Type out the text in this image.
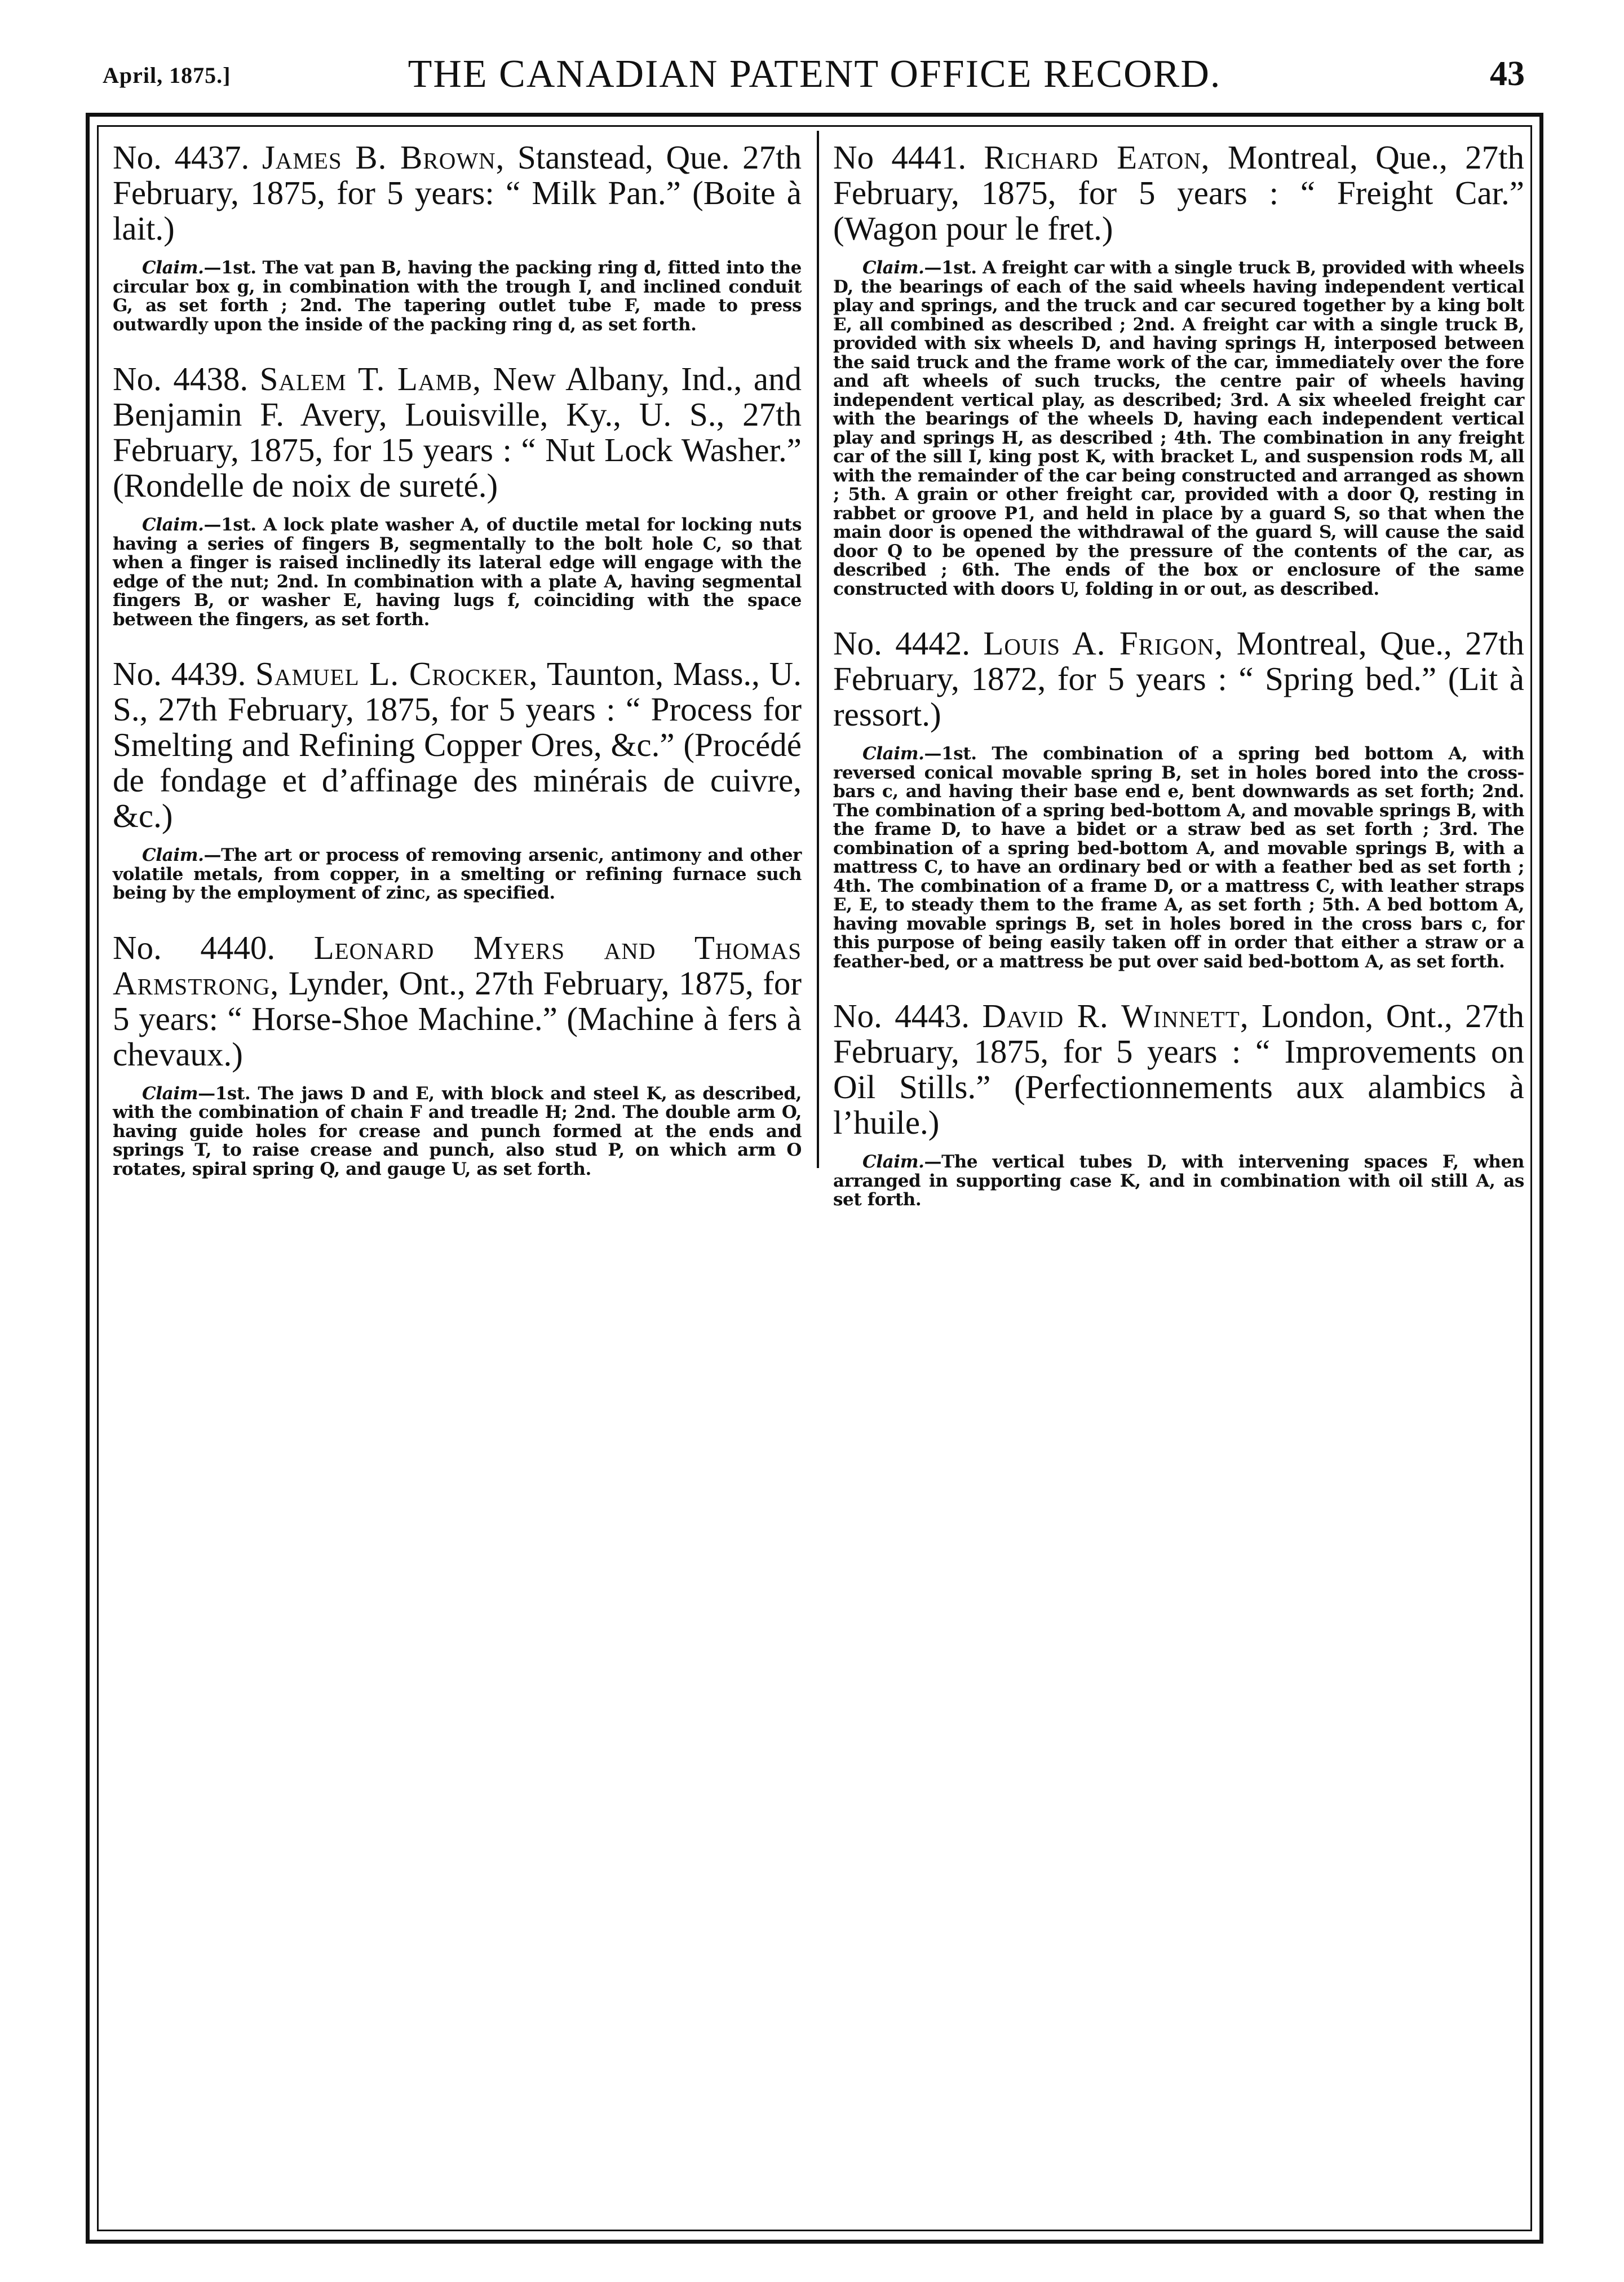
April, 1875.]	THE CANADIAN PATENT OFFICE RECORD.	43

No. 4437. James B. Brown, Stanstead, Que. 27th February, 1875, for 5 years: “ Milk Pan.” (Boite à lait.)

Claim.—1st. The vat pan B, having the packing ring d, fitted into the circular box g, in combination with the trough I, and inclined conduit G, as set forth ; 2nd. The tapering outlet tube F, made to press outwardly upon the inside of the packing ring d, as set forth.

No. 4438. Salem T. Lamb, New Albany, Ind., and Benjamin F. Avery, Louisville, Ky., U. S., 27th February, 1875, for 15 years : “ Nut Lock Washer.” (Rondelle de noix de sureté.)

Claim.—1st. A lock plate washer A, of ductile metal for locking nuts having a series of fingers B, segmentally to the bolt hole C, so that when a finger is raised inclinedly its lateral edge will engage with the edge of the nut; 2nd. In combination with a plate A, having segmental fingers B, or washer E, having lugs f, coinciding with the space between the fingers, as set forth.

No. 4439. Samuel L. Crocker, Taunton, Mass., U. S., 27th February, 1875, for 5 years : “ Process for Smelting and Refining Copper Ores, &c.” (Procédé de fondage et d’affinage des minérais de cuivre, &c.)

Claim.—The art or process of removing arsenic, antimony and other volatile metals, from copper, in a smelting or refining furnace such being by the employment of zinc, as specified.

No. 4440. Leonard Myers and Thomas Armstrong, Lynder, Ont., 27th February, 1875, for 5 years: “ Horse-Shoe Machine.” (Machine à fers à chevaux.)

Claim—1st. The jaws D and E, with block and steel K, as described, with the combination of chain F and treadle H; 2nd. The double arm O, having guide holes for crease and punch formed at the ends and springs T, to raise crease and punch, also stud P, on which arm O rotates, spiral spring Q, and gauge U, as set forth.

No 4441. Richard Eaton, Montreal, Que., 27th February, 1875, for 5 years : “ Freight Car.” (Wagon pour le fret.)

Claim.—1st. A freight car with a single truck B, provided with wheels D, the bearings of each of the said wheels having independent vertical play and springs, and the truck and car secured together by a king bolt E, all combined as described ; 2nd. A freight car with a single truck B, provided with six wheels D, and having springs H, interposed between the said truck and the frame work of the car, immediately over the fore and aft wheels of such trucks, the centre pair of wheels having independent vertical play, as described; 3rd. A six wheeled freight car with the bearings of the wheels D, having each independent vertical play and springs H, as described ; 4th. The combination in any freight car of the sill I, king post K, with bracket L, and suspension rods M, all with the remainder of the car being constructed and arranged as shown ; 5th. A grain or other freight car, provided with a door Q, resting in rabbet or groove P1, and held in place by a guard S, so that when the main door is opened the withdrawal of the guard S, will cause the said door Q to be opened by the pressure of the contents of the car, as described ; 6th. The ends of the box or enclosure of the same constructed with doors U, folding in or out, as described.

No. 4442. Louis A. Frigon, Montreal, Que., 27th February, 1872, for 5 years : “ Spring bed.” (Lit à ressort.)

Claim.—1st. The combination of a spring bed bottom A, with reversed conical movable spring B, set in holes bored into the cross-bars c, and having their base end e, bent downwards as set forth; 2nd. The combination of a spring bed-bottom A, and movable springs B, with the frame D, to have a bidet or a straw bed as set forth ; 3rd. The combination of a spring bed-bottom A, and movable springs B, with a mattress C, to have an ordinary bed or with a feather bed as set forth ; 4th. The combination of a frame D, or a mattress C, with leather straps E, E, to steady them to the frame A, as set forth ; 5th. A bed bottom A, having movable springs B, set in holes bored in the cross bars c, for this purpose of being easily taken off in order that either a straw or a feather-bed, or a mattress be put over said bed-bottom A, as set forth.

No. 4443. David R. Winnett, London, Ont., 27th February, 1875, for 5 years : “ Improvements on Oil Stills.” (Perfectionnements aux alambics à l’huile.)

Claim.—The vertical tubes D, with intervening spaces F, when arranged in supporting case K, and in combination with oil still A, as set forth.
